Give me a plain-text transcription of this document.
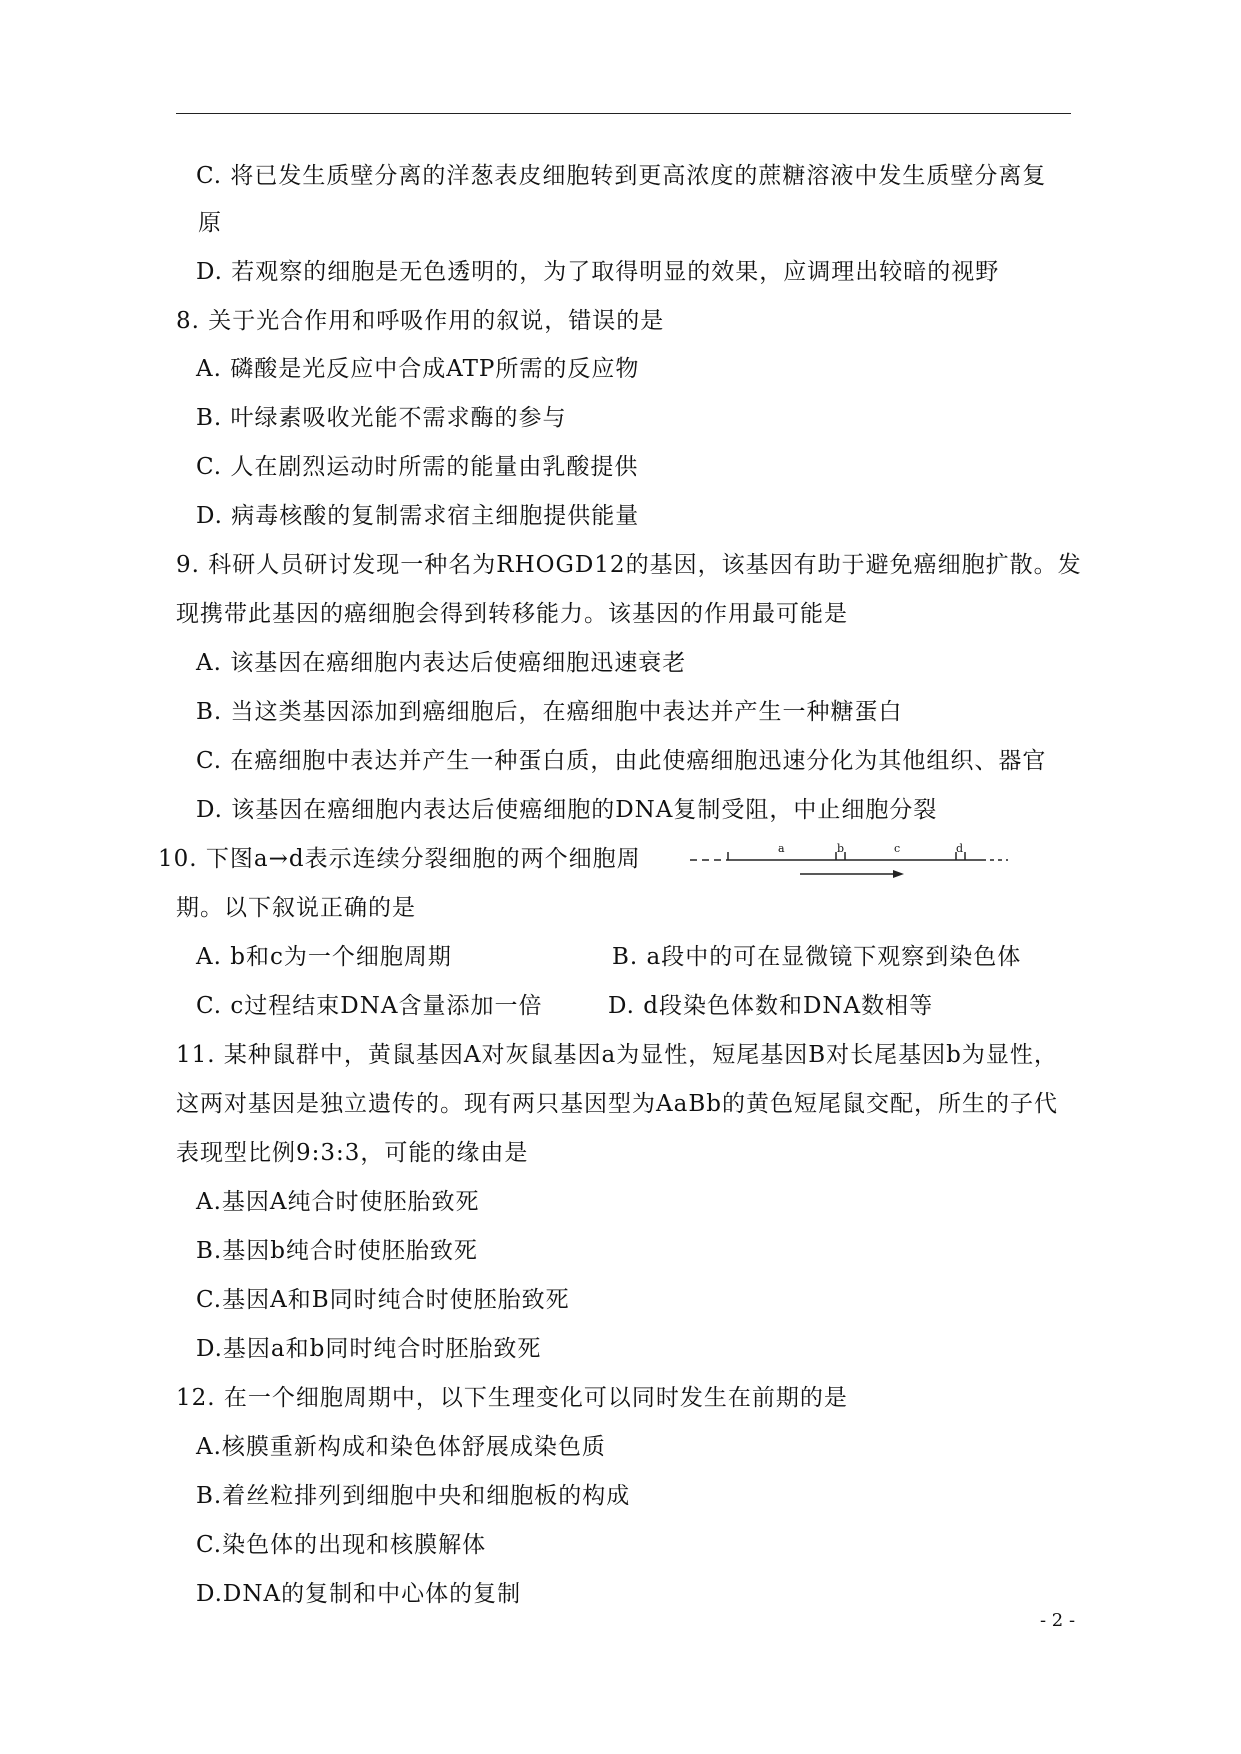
C. 将已发生质壁分离的洋葱表皮细胞转到更高浓度的蔗糖溶液中发生质壁分离复
原
D. 若观察的细胞是无色透明的，为了取得明显的效果，应调理出较暗的视野
8. 关于光合作用和呼吸作用的叙说，错误的是
A. 磷酸是光反应中合成ATP所需的反应物
B. 叶绿素吸收光能不需求酶的参与
C. 人在剧烈运动时所需的能量由乳酸提供
D. 病毒核酸的复制需求宿主细胞提供能量
9. 科研人员研讨发现一种名为RHOGD12的基因，该基因有助于避免癌细胞扩散。发
现携带此基因的癌细胞会得到转移能力。该基因的作用最可能是
A. 该基因在癌细胞内表达后使癌细胞迅速衰老
B. 当这类基因添加到癌细胞后，在癌细胞中表达并产生一种糖蛋白
C. 在癌细胞中表达并产生一种蛋白质，由此使癌细胞迅速分化为其他组织、器官
D. 该基因在癌细胞内表达后使癌细胞的DNA复制受阻，中止细胞分裂
10. 下图a→d表示连续分裂细胞的两个细胞周	a	b	c	d
期。以下叙说正确的是
A. b和c为一个细胞周期	B. a段中的可在显微镜下观察到染色体
C. c过程结束DNA含量添加一倍	D. d段染色体数和DNA数相等
11. 某种鼠群中，黄鼠基因A对灰鼠基因a为显性，短尾基因B对长尾基因b为显性，
这两对基因是独立遗传的。现有两只基因型为AaBb的黄色短尾鼠交配，所生的子代
表现型比例9:3:3，可能的缘由是
A.基因A纯合时使胚胎致死
B.基因b纯合时使胚胎致死
C.基因A和B同时纯合时使胚胎致死
D.基因a和b同时纯合时胚胎致死
12. 在一个细胞周期中，以下生理变化可以同时发生在前期的是
A.核膜重新构成和染色体舒展成染色质
B.着丝粒排列到细胞中央和细胞板的构成
C.染色体的出现和核膜解体
D.DNA的复制和中心体的复制
- 2 -
